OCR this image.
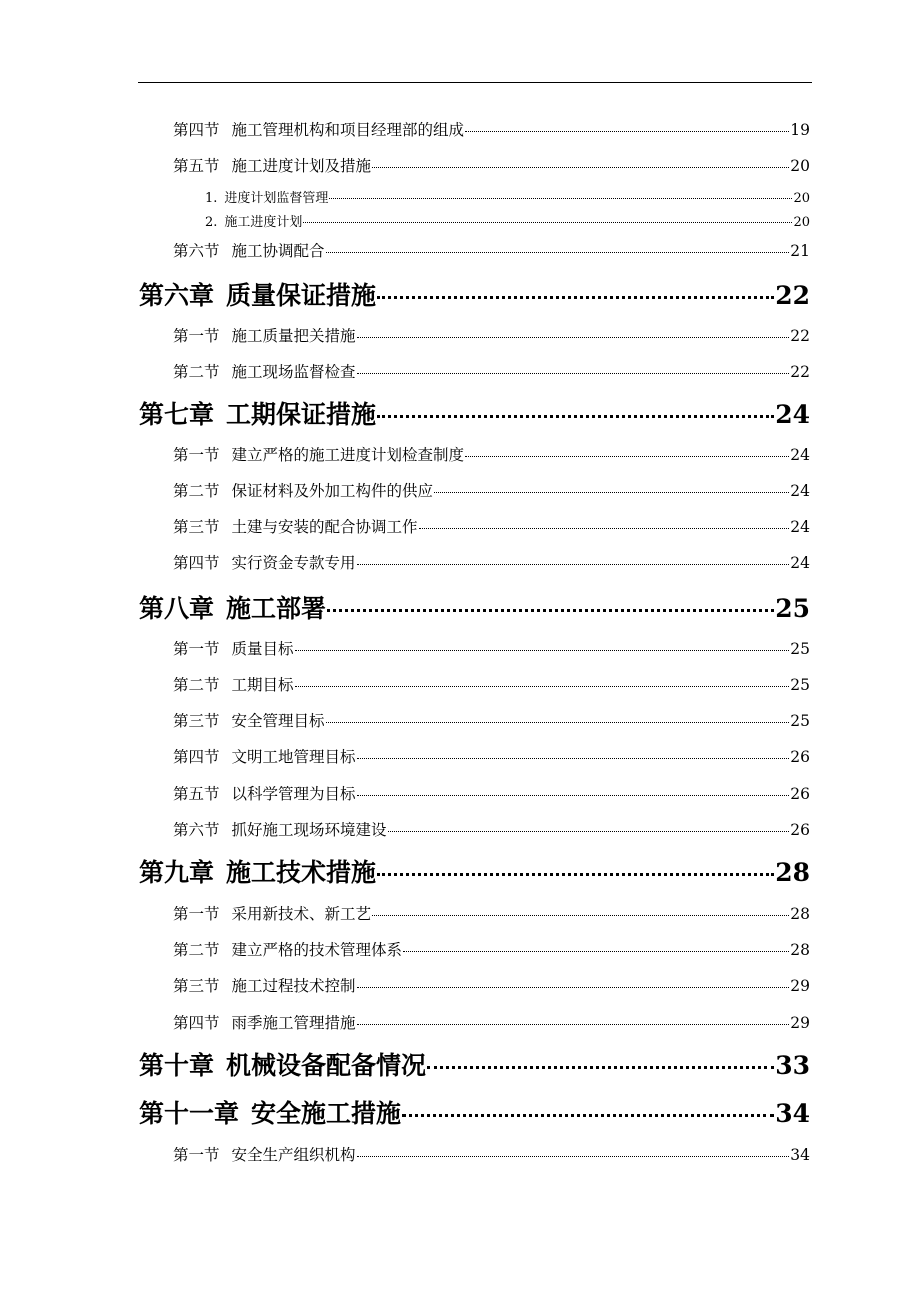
第四节 施工管理机构和项目经理部的组成	19
第五节 施工进度计划及措施	20
1. 进度计划监督管理	20
2. 施工进度计划	20
第六节 施工协调配合	21
第六章 质量保证措施	22
第一节 施工质量把关措施	22
第二节 施工现场监督检查	22
第七章 工期保证措施	24
第一节 建立严格的施工进度计划检查制度	24
第二节 保证材料及外加工构件的供应	24
第三节 土建与安装的配合协调工作	24
第四节 实行资金专款专用	24
第八章 施工部署	25
第一节 质量目标	25
第二节 工期目标	25
第三节 安全管理目标	25
第四节 文明工地管理目标	26
第五节 以科学管理为目标	26
第六节 抓好施工现场环境建设	26
第九章 施工技术措施	28
第一节 采用新技术、新工艺	28
第二节 建立严格的技术管理体系	28
第三节 施工过程技术控制	29
第四节 雨季施工管理措施	29
第十章 机械设备配备情况	33
第十一章 安全施工措施	34
第一节 安全生产组织机构	34
